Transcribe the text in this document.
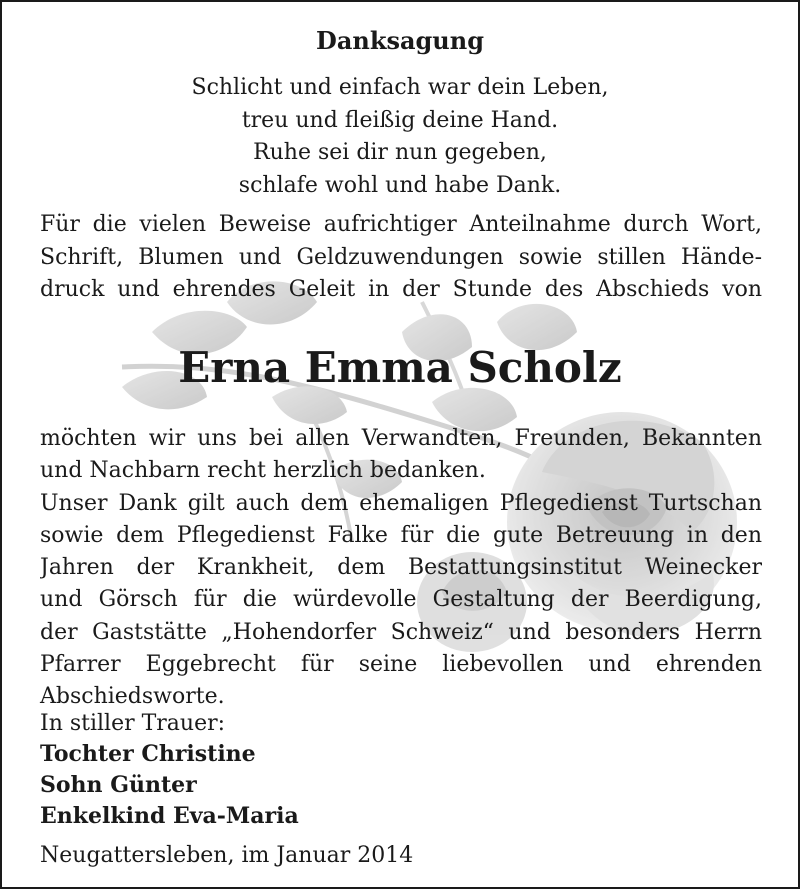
Danksagung
Schlicht und einfach war dein Leben,
treu und fleißig deine Hand.
Ruhe sei dir nun gegeben,
schlafe wohl und habe Dank.
Für die vielen Beweise aufrichtiger Anteilnahme durch Wort,
Schrift, Blumen und Geldzuwendungen sowie stillen Hände-
druck und ehrendes Geleit in der Stunde des Abschieds von
Erna Emma Scholz
möchten wir uns bei allen Verwandten, Freunden, Bekannten
und Nachbarn recht herzlich bedanken.
Unser Dank gilt auch dem ehemaligen Pflegedienst Turtschan
sowie dem Pflegedienst Falke für die gute Betreuung in den
Jahren der Krankheit, dem Bestattungsinstitut Weinecker
und Görsch für die würdevolle Gestaltung der Beerdigung,
der Gaststätte „Hohendorfer Schweiz“ und besonders Herrn
Pfarrer Eggebrecht für seine liebevollen und ehrenden
Abschiedsworte.
In stiller Trauer:
Tochter Christine
Sohn Günter
Enkelkind Eva-Maria
Neugattersleben, im Januar 2014
